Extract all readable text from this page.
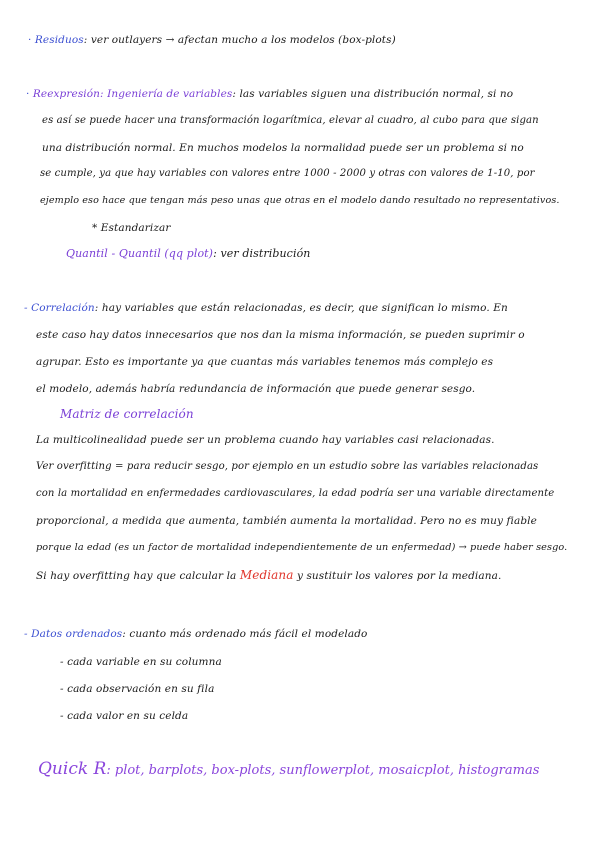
· Residuos: ver outlayers → afectan mucho a los modelos (box-plots)
· Reexpresión: Ingeniería de variables: las variables siguen una distribución normal, si no
es así se puede hacer una transformación logarítmica, elevar al cuadro, al cubo para que sigan
una distribución normal. En muchos modelos la normalidad puede ser un problema si no
se cumple, ya que hay variables con valores entre 1000 - 2000 y otras con valores de 1-10, por
ejemplo eso hace que tengan más peso unas que otras en el modelo dando resultado no representativos.
* Estandarizar
Quantil - Quantil (qq plot): ver distribución
- Correlación: hay variables que están relacionadas, es decir, que significan lo mismo. En
este caso hay datos innecesarios que nos dan la misma información, se pueden suprimir o
agrupar. Esto es importante ya que cuantas más variables tenemos más complejo es
el modelo, además habría redundancia de información que puede generar sesgo.
Matriz de correlación
La multicolinealidad puede ser un problema cuando hay variables casi relacionadas.
Ver overfitting = para reducir sesgo, por ejemplo en un estudio sobre las variables relacionadas
con la mortalidad en enfermedades cardiovasculares, la edad podría ser una variable directamente
proporcional, a medida que aumenta, también aumenta la mortalidad. Pero no es muy fiable
porque la edad (es un factor de mortalidad independientemente de un enfermedad) → puede haber sesgo.
Si hay overfitting hay que calcular la Mediana y sustituir los valores por la mediana.
- Datos ordenados: cuanto más ordenado más fácil el modelado
- cada variable en su columna
- cada observación en su fila
- cada valor en su celda
Quick R: plot, barplots, box-plots, sunflowerplot, mosaicplot, histogramas
